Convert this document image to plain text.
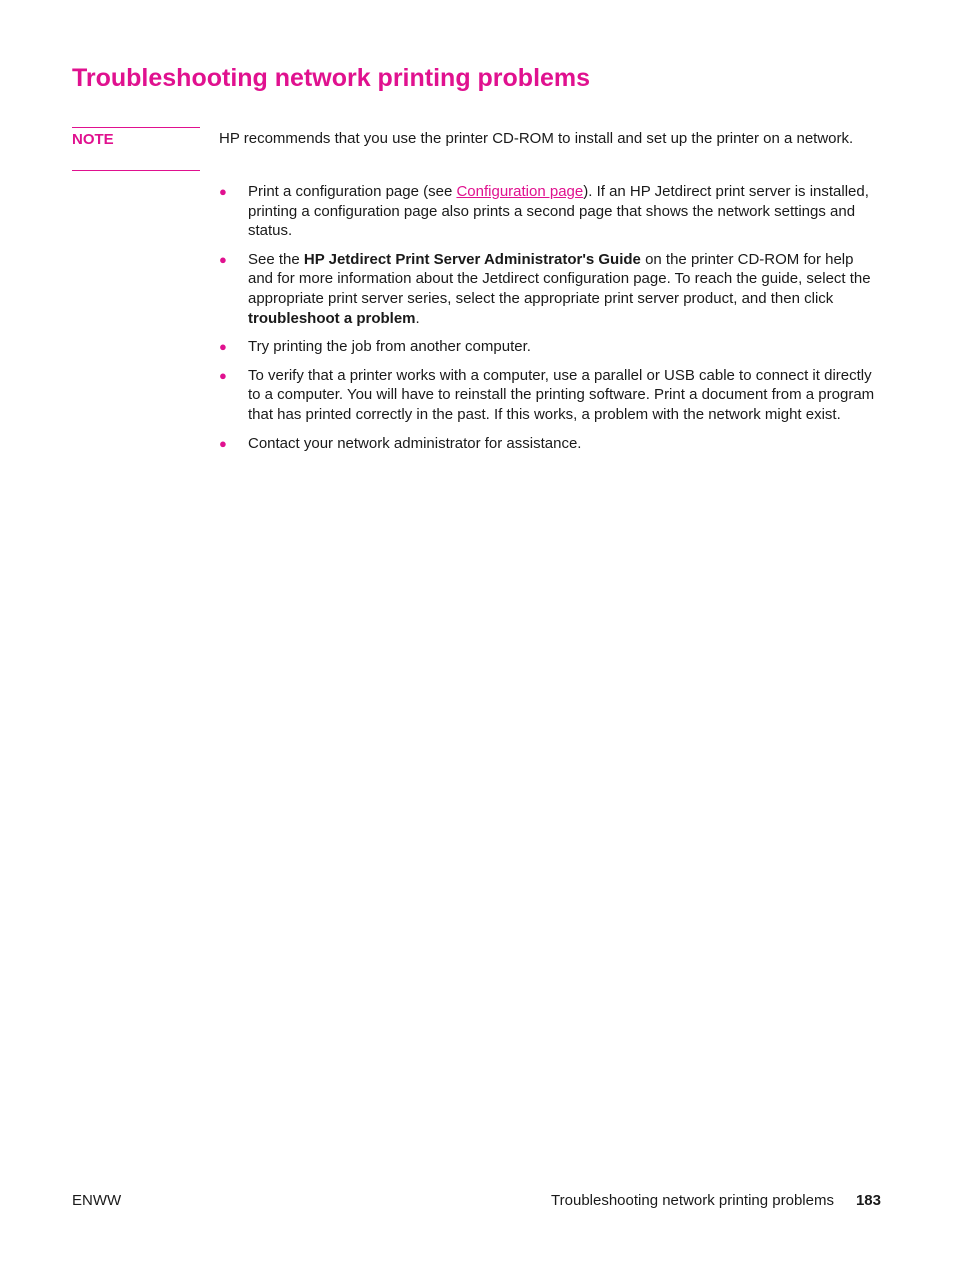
Troubleshooting network printing problems
NOTE	HP recommends that you use the printer CD-ROM to install and set up the printer on a network.

● Print a configuration page (see Configuration page). If an HP Jetdirect print server is installed, printing a configuration page also prints a second page that shows the network settings and status.
● See the HP Jetdirect Print Server Administrator's Guide on the printer CD-ROM for help and for more information about the Jetdirect configuration page. To reach the guide, select the appropriate print server series, select the appropriate print server product, and then click troubleshoot a problem.
● Try printing the job from another computer.
● To verify that a printer works with a computer, use a parallel or USB cable to connect it directly to a computer. You will have to reinstall the printing software. Print a document from a program that has printed correctly in the past. If this works, a problem with the network might exist.
● Contact your network administrator for assistance.
ENWW	Troubleshooting network printing problems 183
